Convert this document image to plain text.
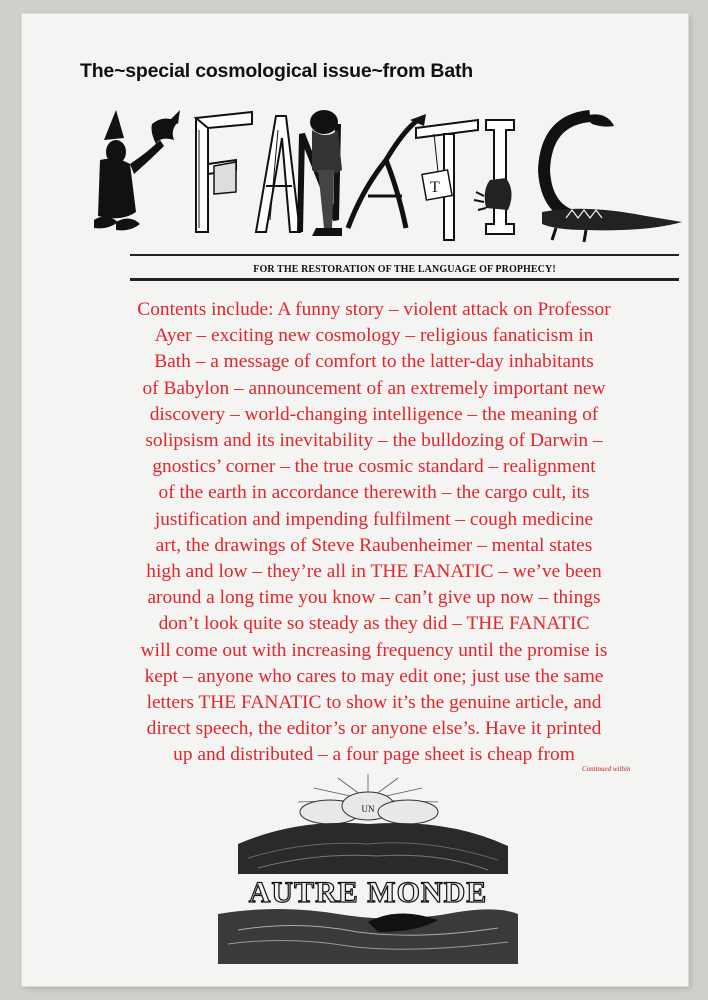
The~special cosmological issue~from Bath
T
FOR THE RESTORATION OF THE LANGUAGE OF PROPHECY!
Contents include: A funny story – violent attack on Professor
Ayer – exciting new cosmology – religious fanaticism in
Bath – a message of comfort to the latter-day inhabitants
of Babylon – announcement of an extremely important new
discovery – world-changing intelligence – the meaning of
solipsism and its inevitability – the bulldozing of Darwin –
gnostics’ corner – the true cosmic standard – realignment
of the earth in accordance therewith – the cargo cult, its
justification and impending fulfilment – cough medicine
art, the drawings of Steve Raubenheimer – mental states
high and low – they’re all in THE FANATIC – we’ve been
around a long time you know – can’t give up now – things
don’t look quite so steady as they did – THE FANATIC
will come out with increasing frequency until the promise is
kept – anyone who cares to may edit one; just use the same
letters THE FANATIC to show it’s the genuine article, and
direct speech, the editor’s or anyone else’s. Have it printed
up and distributed – a four page sheet is cheap from
Continued within
UN
AUTRE MONDE
